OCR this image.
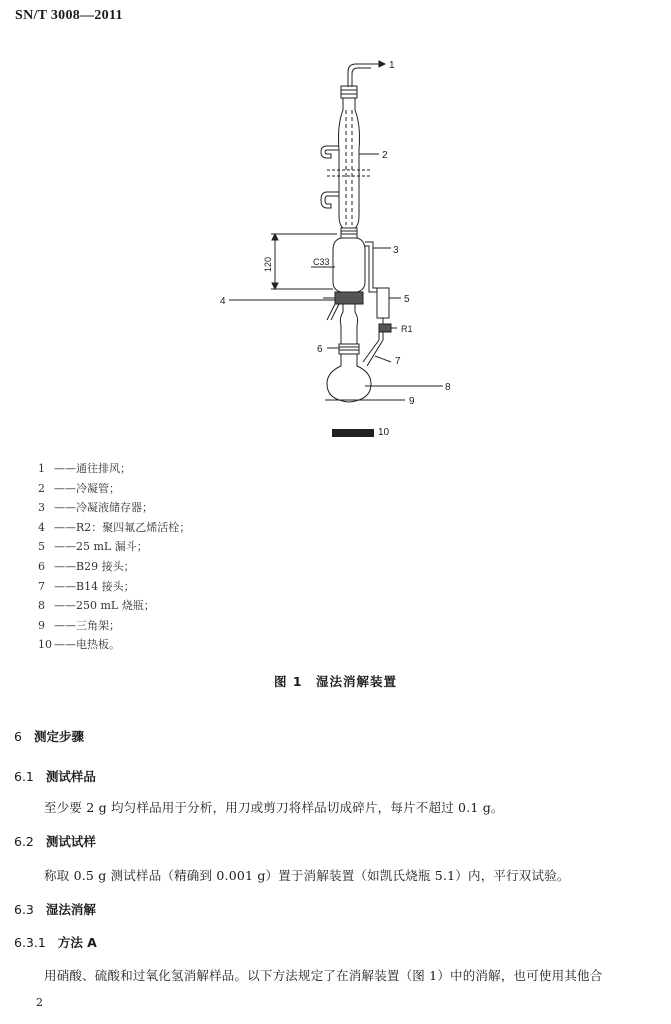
SN/T 3008—2011
1
2
3
C33
120
4	5
R1
6
7
8
9
10
1 ——通往排风；
2 ——冷凝管；
3 ——冷凝液储存器；
4 ——R2：聚四氟乙烯活栓；
5 ——25 mL 漏斗；
6 ——B29 接头；
7 ——B14 接头；
8 ——250 mL 烧瓶；
9 ——三角架；
10 ——电热板。
图 1　湿法消解装置
6 测定步骤
6.1 测试样品
至少要 2 g 均匀样品用于分析，用刀或剪刀将样品切成碎片，每片不超过 0.1 g。
6.2 测试试样
称取 0.5 g 测试样品（精确到 0.001 g）置于消解装置（如凯氏烧瓶 5.1）内，平行双试验。
6.3 湿法消解
6.3.1 方法 A
用硝酸、硫酸和过氧化氢消解样品。以下方法规定了在消解装置（图 1）中的消解，也可使用其他合
2
